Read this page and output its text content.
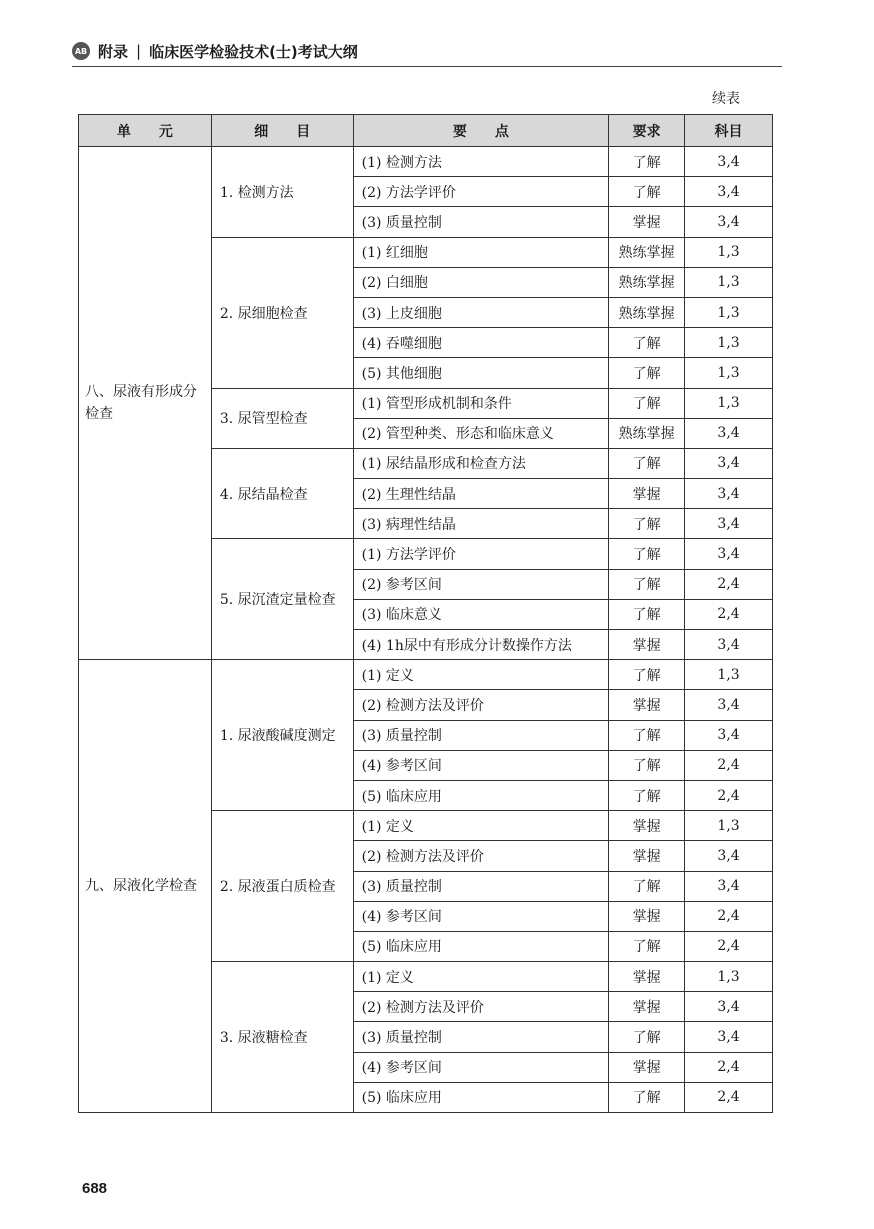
AB 附录 | 临床医学检验技术(士)考试大纲
续表
单　　元	细　　目	要　　点	要求	科目
八、尿液有形成分检查	1. 检测方法	(1) 检测方法	了解	3,4
		(2) 方法学评价	了解	3,4
		(3) 质量控制	掌握	3,4
	2. 尿细胞检查	(1) 红细胞	熟练掌握	1,3
		(2) 白细胞	熟练掌握	1,3
		(3) 上皮细胞	熟练掌握	1,3
		(4) 吞噬细胞	了解	1,3
		(5) 其他细胞	了解	1,3
	3. 尿管型检查	(1) 管型形成机制和条件	了解	1,3
		(2) 管型种类、形态和临床意义	熟练掌握	3,4
	4. 尿结晶检查	(1) 尿结晶形成和检查方法	了解	3,4
		(2) 生理性结晶	掌握	3,4
		(3) 病理性结晶	了解	3,4
	5. 尿沉渣定量检查	(1) 方法学评价	了解	3,4
		(2) 参考区间	了解	2,4
		(3) 临床意义	了解	2,4
		(4) 1h尿中有形成分计数操作方法	掌握	3,4
九、尿液化学检查	1. 尿液酸碱度测定	(1) 定义	了解	1,3
		(2) 检测方法及评价	掌握	3,4
		(3) 质量控制	了解	3,4
		(4) 参考区间	了解	2,4
		(5) 临床应用	了解	2,4
	2. 尿液蛋白质检查	(1) 定义	掌握	1,3
		(2) 检测方法及评价	掌握	3,4
		(3) 质量控制	了解	3,4
		(4) 参考区间	掌握	2,4
		(5) 临床应用	了解	2,4
	3. 尿液糖检查	(1) 定义	掌握	1,3
		(2) 检测方法及评价	掌握	3,4
		(3) 质量控制	了解	3,4
		(4) 参考区间	掌握	2,4
		(5) 临床应用	了解	2,4
688
